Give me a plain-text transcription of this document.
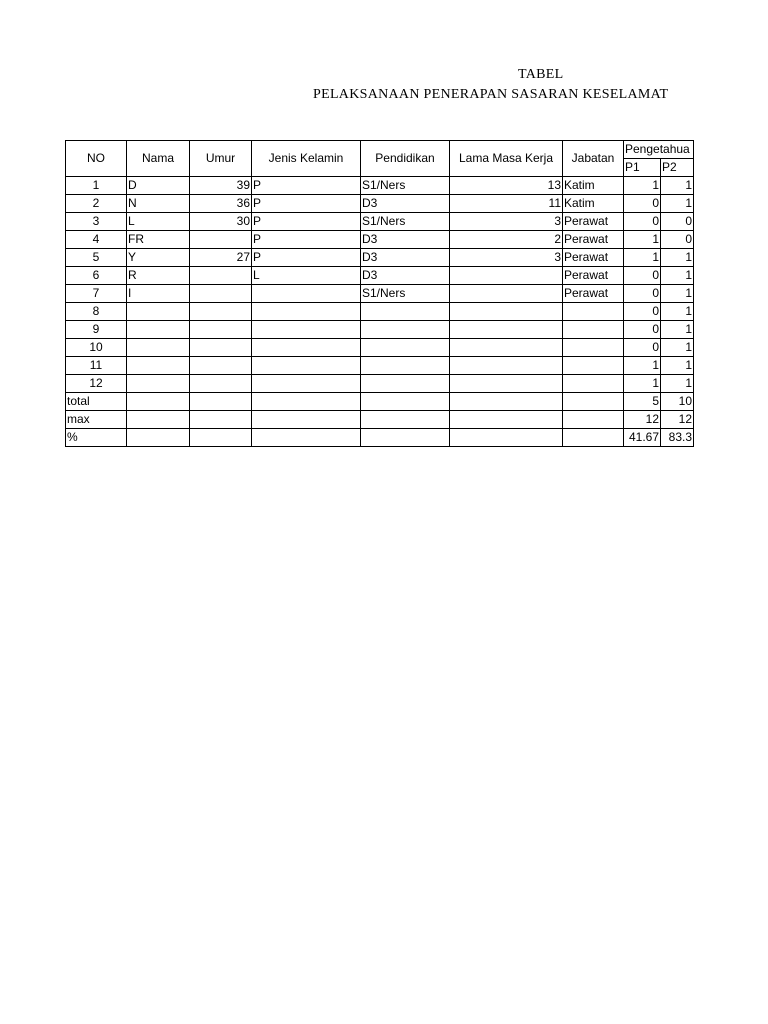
TABEL
PELAKSANAAN PENERAPAN SASARAN KESELAMAT
NO	Nama	Umur	Jenis Kelamin	Pendidikan	Lama Masa Kerja	Jabatan	Pengetahua	
							P1	P2
1	D	39	P	S1/Ners	13	Katim	1	1
2	N	36	P	D3	11	Katim	0	1
3	L	30	P	S1/Ners	3	Perawat	0	0
4	FR		P	D3	2	Perawat	1	0
5	Y	27	P	D3	3	Perawat	1	1
6	R		L	D3		Perawat	0	1
7	I			S1/Ners		Perawat	0	1
8							0	1
9							0	1
10							0	1
11							1	1
12							1	1
total							5	10
max							12	12
%							41.67	83.3
